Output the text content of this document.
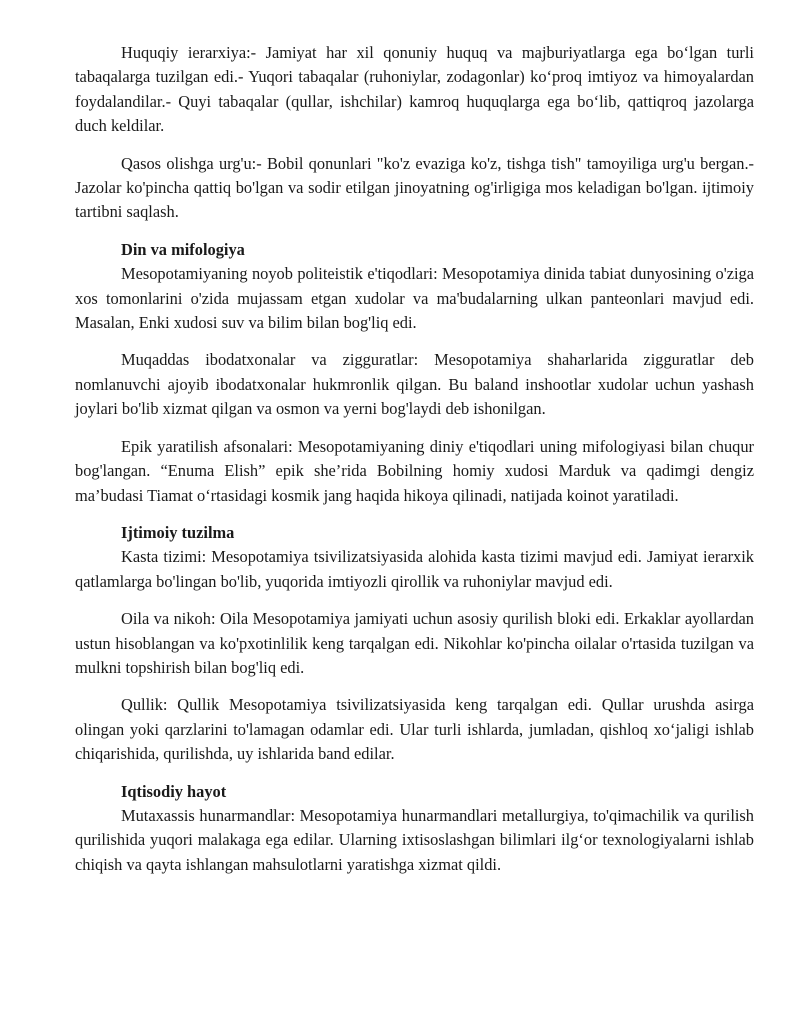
Huquqiy ierarxiya:- Jamiyat har xil qonuniy huquq va majburiyatlarga ega bo‘lgan turli tabaqalarga tuzilgan edi.- Yuqori tabaqalar (ruhoniylar, zodagonlar) ko‘proq imtiyoz va himoyalardan foydalandilar.- Quyi tabaqalar (qullar, ishchilar) kamroq huquqlarga ega bo‘lib, qattiqroq jazolarga duch keldilar.

Qasos olishga urg'u:- Bobil qonunlari "ko'z evaziga ko'z, tishga tish" tamoyiliga urg'u bergan.- Jazolar ko'pincha qattiq bo'lgan va sodir etilgan jinoyatning og'irligiga mos keladigan bo'lgan. ijtimoiy tartibni saqlash.

Din va mifologiya

Mesopotamiyaning noyob politeistik e'tiqodlari: Mesopotamiya dinida tabiat dunyosining o'ziga xos tomonlarini o'zida mujassam etgan xudolar va ma'budalarning ulkan panteonlari mavjud edi. Masalan, Enki xudosi suv va bilim bilan bog'liq edi.

Muqaddas ibodatxonalar va zigguratlar: Mesopotamiya shaharlarida zigguratlar deb nomlanuvchi ajoyib ibodatxonalar hukmronlik qilgan. Bu baland inshootlar xudolar uchun yashash joylari bo'lib xizmat qilgan va osmon va yerni bog'laydi deb ishonilgan.

Epik yaratilish afsonalari: Mesopotamiyaning diniy e'tiqodlari uning mifologiyasi bilan chuqur bog'langan. “Enuma Elish” epik she’rida Bobilning homiy xudosi Marduk va qadimgi dengiz ma’budasi Tiamat o‘rtasidagi kosmik jang haqida hikoya qilinadi, natijada koinot yaratiladi.

Ijtimoiy tuzilma

Kasta tizimi: Mesopotamiya tsivilizatsiyasida alohida kasta tizimi mavjud edi. Jamiyat ierarxik qatlamlarga bo'lingan bo'lib, yuqorida imtiyozli qirollik va ruhoniylar mavjud edi.

Oila va nikoh: Oila Mesopotamiya jamiyati uchun asosiy qurilish bloki edi. Erkaklar ayollardan ustun hisoblangan va ko'pxotinlilik keng tarqalgan edi. Nikohlar ko'pincha oilalar o'rtasida tuzilgan va mulkni topshirish bilan bog'liq edi.

Qullik: Qullik Mesopotamiya tsivilizatsiyasida keng tarqalgan edi. Qullar urushda asirga olingan yoki qarzlarini to'lamagan odamlar edi. Ular turli ishlarda, jumladan, qishloq xo‘jaligi ishlab chiqarishida, qurilishda, uy ishlarida band edilar.

Iqtisodiy hayot

Mutaxassis hunarmandlar: Mesopotamiya hunarmandlari metallurgiya, to'qimachilik va qurilish qurilishida yuqori malakaga ega edilar. Ularning ixtisoslashgan bilimlari ilg‘or texnologiyalarni ishlab chiqish va qayta ishlangan mahsulotlarni yaratishga xizmat qildi.
